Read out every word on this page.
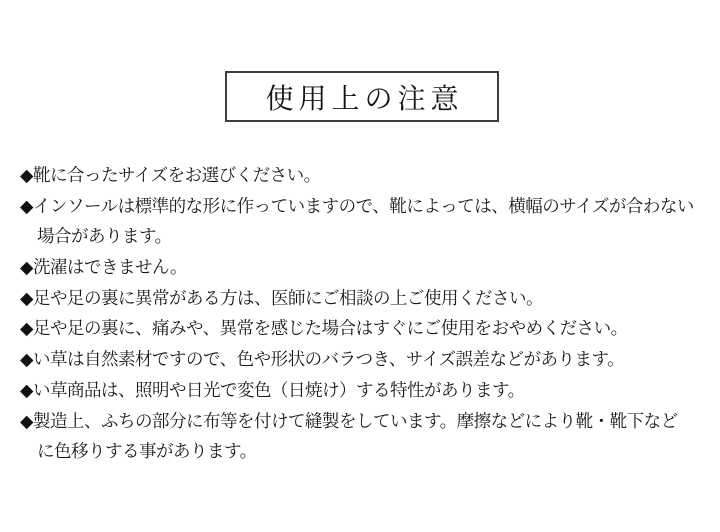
使用上の注意
◆靴に合ったサイズをお選びください。
◆インソールは標準的な形に作っていますので、靴によっては、横幅のサイズが合わない
場合があります。
◆洗濯はできません。
◆足や足の裏に異常がある方は、医師にご相談の上ご使用ください。
◆足や足の裏に、痛みや、異常を感じた場合はすぐにご使用をおやめください。
◆い草は自然素材ですので、色や形状のバラつき、サイズ誤差などがあります。
◆い草商品は、照明や日光で変色（日焼け）する特性があります。
◆製造上、ふちの部分に布等を付けて縫製をしています。摩擦などにより靴・靴下など
に色移りする事があります。
